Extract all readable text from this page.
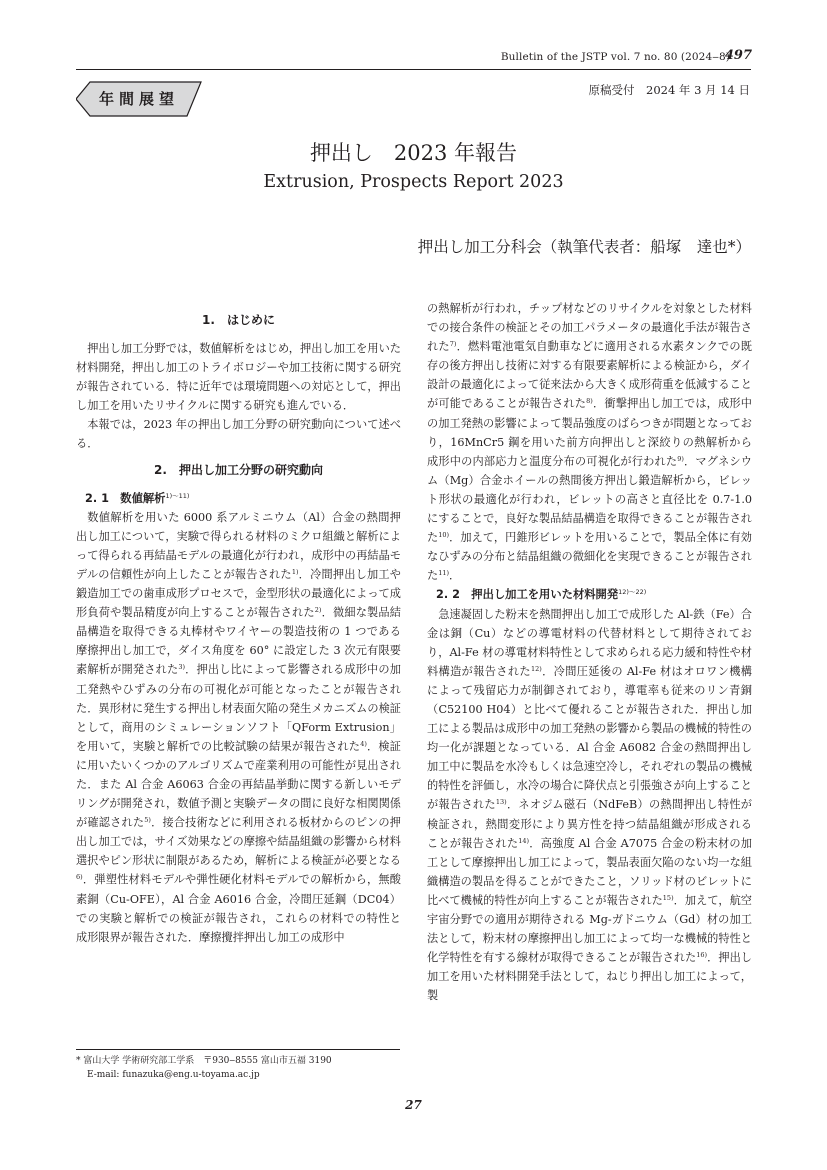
Bulletin of the JSTP vol. 7 no. 80 (2024‒8)
497
年間展望	原稿受付　2024 年 3 月 14 日
押出し　2023 年報告
Extrusion, Prospects Report 2023
押出し加工分科会（執筆代表者：船塚　達也*）
1.　はじめに

押出し加工分野では，数値解析をはじめ，押出し加工を用いた材料開発，押出し加工のトライボロジーや加工技術に関する研究が報告されている．特に近年では環境問題への対応として，押出し加工を用いたリサイクルに関する研究も進んでいる．

本報では，2023 年の押出し加工分野の研究動向について述べる．

2.　押出し加工分野の研究動向
2. 1　数値解析$^{1)\sim 11)}$

数値解析を用いた 6000 系アルミニウム（Al）合金の熱間押出し加工について，実験で得られる材料のミクロ組織と解析によって得られる再結晶モデルの最適化が行われ，成形中の再結晶モデルの信頼性が向上したことが報告された$^{1)}$．冷間押出し加工や鍛造加工での歯車成形プロセスで，金型形状の最適化によって成形負荷や製品精度が向上することが報告された$^{2)}$．微細な製品結晶構造を取得できる丸棒材やワイヤーの製造技術の 1 つである摩擦押出し加工で，ダイス角度を 60° に設定した 3 次元有限要素解析が開発された$^{3)}$．押出し比によって影響される成形中の加工発熱やひずみの分布の可視化が可能となったことが報告された．異形材に発生する押出し材表面欠陥の発生メカニズムの検証として，商用のシミュレーションソフト「QForm Extrusion」を用いて，実験と解析での比較試験の結果が報告された$^{4)}$．検証に用いたいくつかのアルゴリズムで産業利用の可能性が見出された．また Al 合金 A6063 合金の再結晶挙動に関する新しいモデリングが開発され，数値予測と実験データの間に良好な相関関係が確認された$^{5)}$．接合技術などに利用される板材からのピンの押出し加工では，サイズ効果などの摩擦や結晶組織の影響から材料選択やピン形状に制限があるため，解析による検証が必要となる$^{6)}$．弾塑性材料モデルや弾性硬化材料モデルでの解析から，無酸素銅（Cu-OFE），Al 合金 A6016 合金，冷間圧延鋼（DC04）での実験と解析での検証が報告され，これらの材料での特性と成形限界が報告された．摩擦攪拌押出し加工の成形中

の熱解析が行われ，チップ材などのリサイクルを対象とした材料での接合条件の検証とその加工パラメータの最適化手法が報告された$^{7)}$．燃料電池電気自動車などに適用される水素タンクでの既存の後方押出し技術に対する有限要素解析による検証から，ダイ設計の最適化によって従来法から大きく成形荷重を低減することが可能であることが報告された$^{8)}$．衝撃押出し加工では，成形中の加工発熱の影響によって製品強度のばらつきが問題となっており，16MnCr5 鋼を用いた前方向押出しと深絞りの熱解析から成形中の内部応力と温度分布の可視化が行われた$^{9)}$．マグネシウム（Mg）合金ホイールの熱間後方押出し鍛造解析から，ビレット形状の最適化が行われ，ビレットの高さと直径比を 0.7-1.0 にすることで，良好な製品結晶構造を取得できることが報告された$^{10)}$．加えて，円錐形ビレットを用いることで，製品全体に有効なひずみの分布と結晶組織の微細化を実現できることが報告された$^{11)}$．

2. 2　押出し加工を用いた材料開発$^{12)\sim 22)}$

急速凝固した粉末を熱間押出し加工で成形した Al-鉄（Fe）合金は銅（Cu）などの導電材料の代替材料として期待されており，Al-Fe 材の導電材料特性として求められる応力緩和特性や材料構造が報告された$^{12)}$．冷間圧延後の Al-Fe 材はオロワン機構によって残留応力が制御されており，導電率も従来のリン青銅（C52100 H04）と比べて優れることが報告された．押出し加工による製品は成形中の加工発熱の影響から製品の機械的特性の均一化が課題となっている．Al 合金 A6082 合金の熱間押出し加工中に製品を水冷もしくは急速空冷し，それぞれの製品の機械的特性を評価し，水冷の場合に降伏点と引張強さが向上することが報告された$^{13)}$．ネオジム磁石（NdFeB）の熱間押出し特性が検証され，熱間変形により異方性を持つ結晶組織が形成されることが報告された$^{14)}$．高強度 Al 合金 A7075 合金の粉末材の加工として摩擦押出し加工によって，製品表面欠陥のない均一な組織構造の製品を得ることができたこと，ソリッド材のビレットに比べて機械的特性が向上することが報告された$^{15)}$．加えて，航空宇宙分野での適用が期待される Mg-ガドニウム（Gd）材の加工法として，粉末材の摩擦押出し加工によって均一な機械的特性と化学特性を有する線材が取得できることが報告された$^{16)}$．押出し加工を用いた材料開発手法として，ねじり押出し加工によって，製

* 富山大学 学術研究部工学系　〒930‒8555 富山市五福 3190
E-mail: funazuka@eng.u-toyama.ac.jp
27
